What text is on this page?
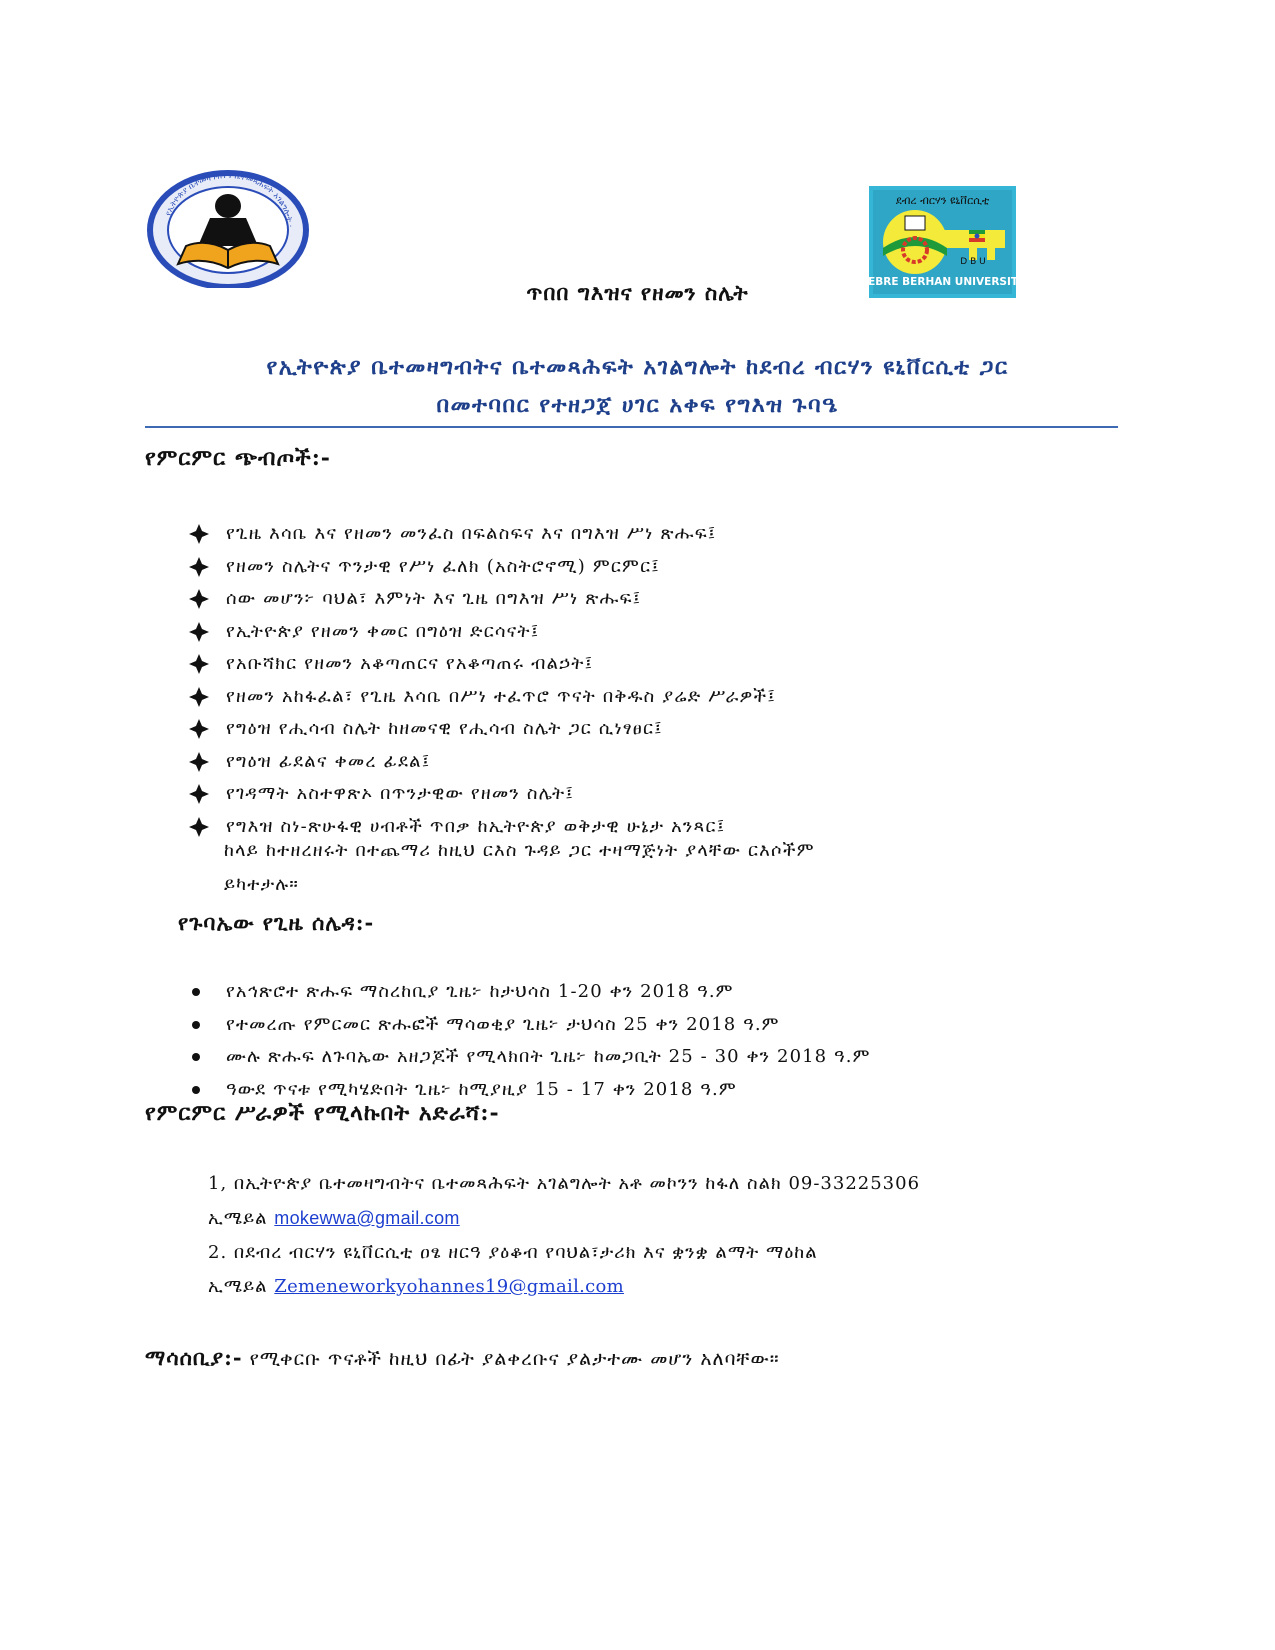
የኢትዮጵያ ቤተመዛግብትና ቤተመጻሕፍት አገልግሎት ·
ደብረ ብርሃን ዩኒቨርሲቲ
D B U
DEBRE BERHAN UNIVERSITY
ጥበበ ግእዝና የዘመን ስሌት
የኢትዮጵያ ቤተመዛግብትና ቤተመጻሕፍት አገልግሎት ከደብረ ብርሃን ዩኒቨርሲቲ ጋር
በመተባበር የተዘጋጀ ሀገር አቀፍ የግእዝ ጉባዔ
የምርምር ጭብጦች:-
የጊዜ እሳቤ እና የዘመን መንፈስ በፍልስፍና እና በግእዝ ሥነ ጽሑፍ፤
የዘመን ስሌትና ጥንታዊ የሥነ ፈለክ (አስትሮኖሚ) ምርምር፤
ሰው መሆን፦ ባህል፣ እምነት እና ጊዜ በግእዝ ሥነ ጽሑፍ፤
የኢትዮጵያ የዘመን ቀመር በግዕዝ ድርሳናት፤
የአቡሻክር የዘመን አቆጣጠርና የአቆጣጠሩ ብልኃት፤
የዘመን አከፋፈል፣ የጊዜ እሳቤ በሥነ ተፈጥሮ ጥናት በቅዱስ ያሬድ ሥራዎች፤
የግዕዝ የሒሳብ ስሌት ከዘመናዊ የሒሳብ ስሌት ጋር ሲነፃፀር፤
የግዕዝ ፊደልና ቀመረ ፊደል፤
የገዳማት አስተዋጽኦ በጥንታዊው የዘመን ስሌት፤
የግእዝ ስነ-ጽሁፋዊ ሀብቶች ጥበቃ ከኢትዮጵያ ወቅታዊ ሁኔታ አንጻር፤
ከላይ ከተዘረዘሩት በተጨማሪ ከዚህ ርእስ ጉዳይ ጋር ተዛማጅነት ያላቸው ርእሶችም
ይካተታሉ።
የጉባኤው የጊዜ ሰሌዳ:-
የአኅጽሮተ ጽሑፍ ማስረከቢያ ጊዜ፦ ከታህሳስ 1-20 ቀን 2018 ዓ.ም
የተመረጡ የምርመር ጽሑፎች ማሳወቂያ ጊዜ፦ ታህሳስ 25 ቀን 2018 ዓ.ም
ሙሉ ጽሑፍ ለጉባኤው አዘጋጆች የሚላክበት ጊዜ፦ ከመጋቢት 25 - 30 ቀን 2018 ዓ.ም
ዓውደ ጥናቱ የሚካሄድበት ጊዜ፦ ከሚያዚያ 15 - 17 ቀን 2018 ዓ.ም
የምርምር ሥራዎች የሚላኩበት አድራሻ:-
1, በኢትዮጵያ ቤተመዛግብትና ቤተመጻሕፍት አገልግሎት አቶ መኮንን ከፋለ ስልክ 09-33225306
ኢሜይል mokewwa@gmail.com
2. በደብረ ብርሃን ዩኒቨርሲቲ ዐፄ ዘርዓ ያዕቆብ የባህል፣ታሪክ እና ቋንቋ ልማት ማዕከል
ኢሜይል Zemeneworkyohannes19@gmail.com
ማሳሰቢያ:- የሚቀርቡ ጥናቶች ከዚህ በፊት ያልቀረቡና ያልታተሙ መሆን አለባቸው።
